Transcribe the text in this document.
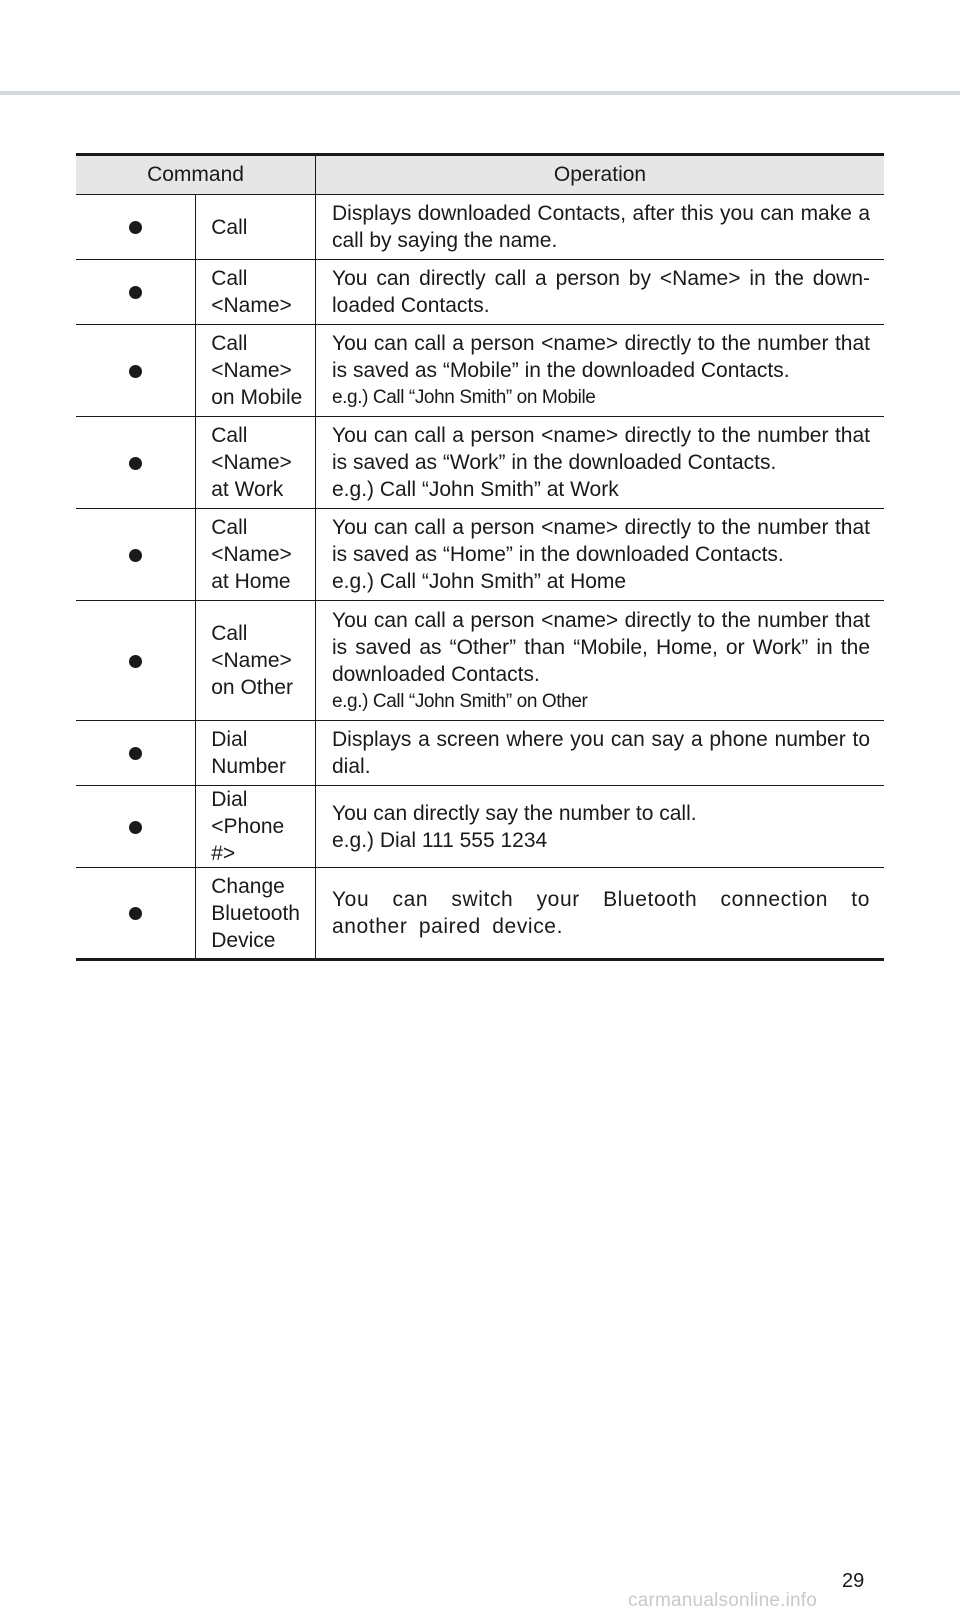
Command		Operation
	Call	Displays downloaded Contacts, after this you can make a call by saying the name.
	Call <Name>	You can directly call a person by <Name> in the down-loaded Contacts.
	Call <Name> on Mobile	You can call a person <name> directly to the number that is saved as “Mobile” in the downloaded Contacts.
e.g.) Call “John Smith” on Mobile

	Call <Name> at Work	You can call a person <name> directly to the number that is saved as “Work” in the downloaded Contacts.
e.g.) Call “John Smith” at Work

	Call <Name> at Home	You can call a person <name> directly to the number that is saved as “Home” in the downloaded Contacts.
e.g.) Call “John Smith” at Home

	Call <Name> on Other	You can call a person <name> directly to the number that is saved as “Other” than “Mobile, Home, or Work” in the downloaded Contacts.
e.g.) Call “John Smith” on Other

	Dial Number	Displays a screen where you can say a phone number to dial.
	Dial <Phone #>	You can directly say the number to call.
e.g.) Dial 111 555 1234

	Change Bluetooth Device	You can switch your Bluetooth connection to another paired device.
29
carmanualsonline.info
